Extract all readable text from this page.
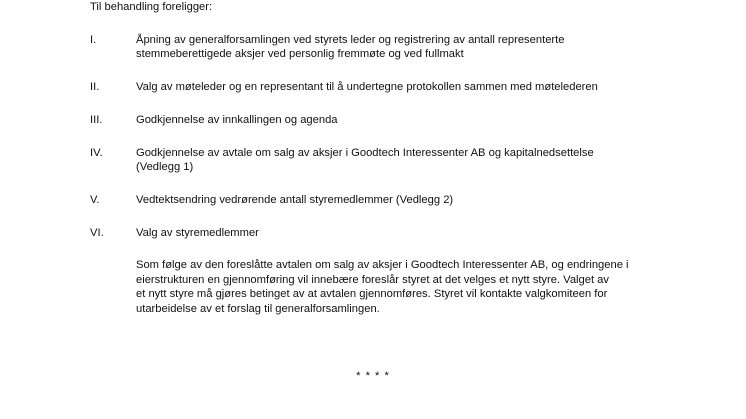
Til behandling foreligger:
I.	Åpning av generalforsamlingen ved styrets leder og registrering av antall representerte
stemmeberettigede aksjer ved personlig fremmøte og ved fullmakt
II.	Valg av møteleder og en representant til å undertegne protokollen sammen med møtelederen
III.	Godkjennelse av innkallingen og agenda
IV.	Godkjennelse av avtale om salg av aksjer i Goodtech Interessenter AB og kapitalnedsettelse
(Vedlegg 1)
V.	Vedtektsendring vedrørende antall styremedlemmer (Vedlegg 2)
VI.	Valg av styremedlemmer
Som følge av den foreslåtte avtalen om salg av aksjer i Goodtech Interessenter AB, og endringene i
eierstrukturen en gjennomføring vil innebære foreslår styret at det velges et nytt styre. Valget av
et nytt styre må gjøres betinget av at avtalen gjennomføres. Styret vil kontakte valgkomiteen for
utarbeidelse av et forslag til generalforsamlingen.
* * * *
